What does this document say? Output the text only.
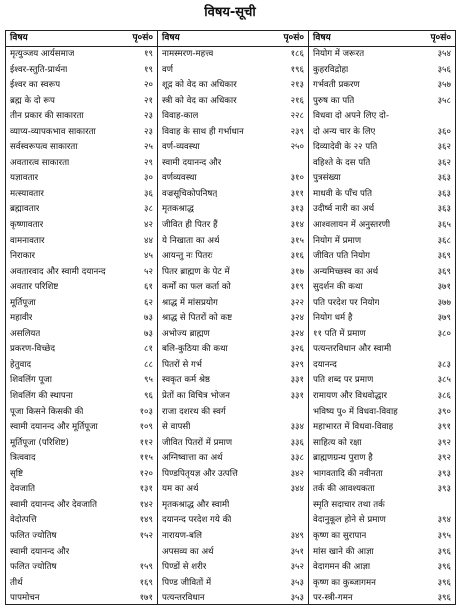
विषय-सूची
विषय	पृ०सं०
मृत्युञ्जय आर्यसमाज	१९
ईश्वर-स्तुति-प्रार्थना	१९
ईश्वर का स्वरूप	२०
ब्रह्म के दो रूप	२१
तीन प्रकार की साकारता	२३
व्याप्य-व्यापकभाव साकारता	२३
सर्वस्वरूपत्व साकारता	२५
अवतारत्व साकारता	२९
यज्ञावतार	३०
मत्स्यावतार	३६
ब्रह्मावतार	३८
कृष्णावतार	४२
वामनावतार	४४
निराकार	४५
अवतारवाद और स्वामी दयानन्द	५२
अवतार परिशिष्ट	६१
मूर्तिपूजा	६२
महावीर	७३
असलियत	७३
प्रकरण-विच्छेद	८१
हेतुवाद	८८
शिवलिंग पूजा	९५
शिवलिंग की स्थापना	९६
पूजा किसने किसकी की	१०३
स्वामी दयानन्द और मूर्तिपूजा	१०९
मूर्तिपूजा (परिशिष्ट)	११२
त्रित्ववाद	११५
सृष्टि	१२०
देवजाति	१३१
स्वामी दयानन्द और देवजाति	१४२
वेदोत्पत्ति	१४९
फलित ज्योतिष	१५२
स्वामी दयानन्द और
फलित ज्योतिष	१५९
तीर्थ	१६९
पापमोचन	१७१
विषय	पृ०सं०
नामस्मरण-महत्त्व	१८६
वर्ण	१९६
शूद्र को वेद का अधिकार	२१३
स्त्री को वेद का अधिकार	२१६
विवाह-काल	२२८
विवाह के साथ ही गर्भाधान	२३९
वर्ण-व्यवस्था	२५०
स्वामी दयानन्द और
वर्णव्यवस्था	३१०
वज्रसूचिकोपनिषत्	३११
मृतकश्राद्ध	३१३
जीवित ही पितर हैं	३१४
ये निखाता का अर्थ	३१५
आयन्तु नः पितरः	३१६
पितर ब्राह्मण के पेट में	३१७
कर्मों का फल कर्ता को	३१९
श्राद्ध में मांसप्रयोग	३२२
श्राद्ध से पितरों को कष्ट	३२४
अभोज्य ब्राह्मण	३२४
बलि-कुठिया की कथा	३२६
पितरों से गर्भ	३२९
स्वकृत कर्म श्रेष्ठ	३३१
प्रेतों का विचित्र भोजन	३३१
राजा दशरथ की स्वर्ग
से वापसी	३३४
जीवित पितरों में प्रमाण	३३६
अग्निष्वात्ता का अर्थ	३३८
पिण्डपितृयज्ञ और उत्पत्ति	३४२
यम का अर्थ	३४४
मृतकश्राद्ध और स्वामी
दयानन्द परदेश गये की
नारायण-बलि	३४९
अपसव्य का अर्थ	३५१
पिण्डों से शरीर	३५२
पिण्ड जीवितों में	३५३
पत्यन्तरविधान	३५३
विषय	पृ०सं०
नियोग में जरूरत	३५४
कुहरविद्रोहा	३५६
गर्भवती प्रकरण	३५७
पुरुष का पति	३५८
विधवा दो अपने लिए दो-
दो अन्य चार के लिए	३६०
दिव्यादेवी के २२ पति	३६२
वहिश्ते के दस पति	३६२
पुत्रसंख्या	३६३
माधवी के पाँच पति	३६३
उदीर्ष्व नारी का अर्थ	३६३
आश्वलायन में अनुस्तरणी	३६५
नियोग में प्रमाण	३६८
जीवित पति नियोग	३६९
अन्यमिच्छस्व का अर्थ	३६९
सुदर्शन की कथा	३७१
पति परदेश पर नियोग	३७७
नियोग धर्म है	३७९
११ पति में प्रमाण	३८०
पत्यन्तरविधान और स्वामी
दयानन्द	३८३
पति शब्द पर प्रमाण	३८५
रामायण और विधवोद्धार	३८६
भविष्य पु० में विधवा-विवाह	३९०
महाभारत में विधवा-विवाह	३९१
साहित्य को रक्षा	३९२
ब्राह्मणग्रन्थ पुराण है	३९२
भागवतादि की नवीनता	३९३
तर्क की आवश्यकता	३९३
स्मृति सदाचार तथा तर्क
वेदानुकूल होने से प्रमाण	३९४
कृष्ण का सुरापान	३९५
मांस खाने की आज्ञा	३९६
वेदागमन की आज्ञा	३९६
कृष्ण का कुब्जागमन	३९६
पर-स्त्री-गमन	३९६
